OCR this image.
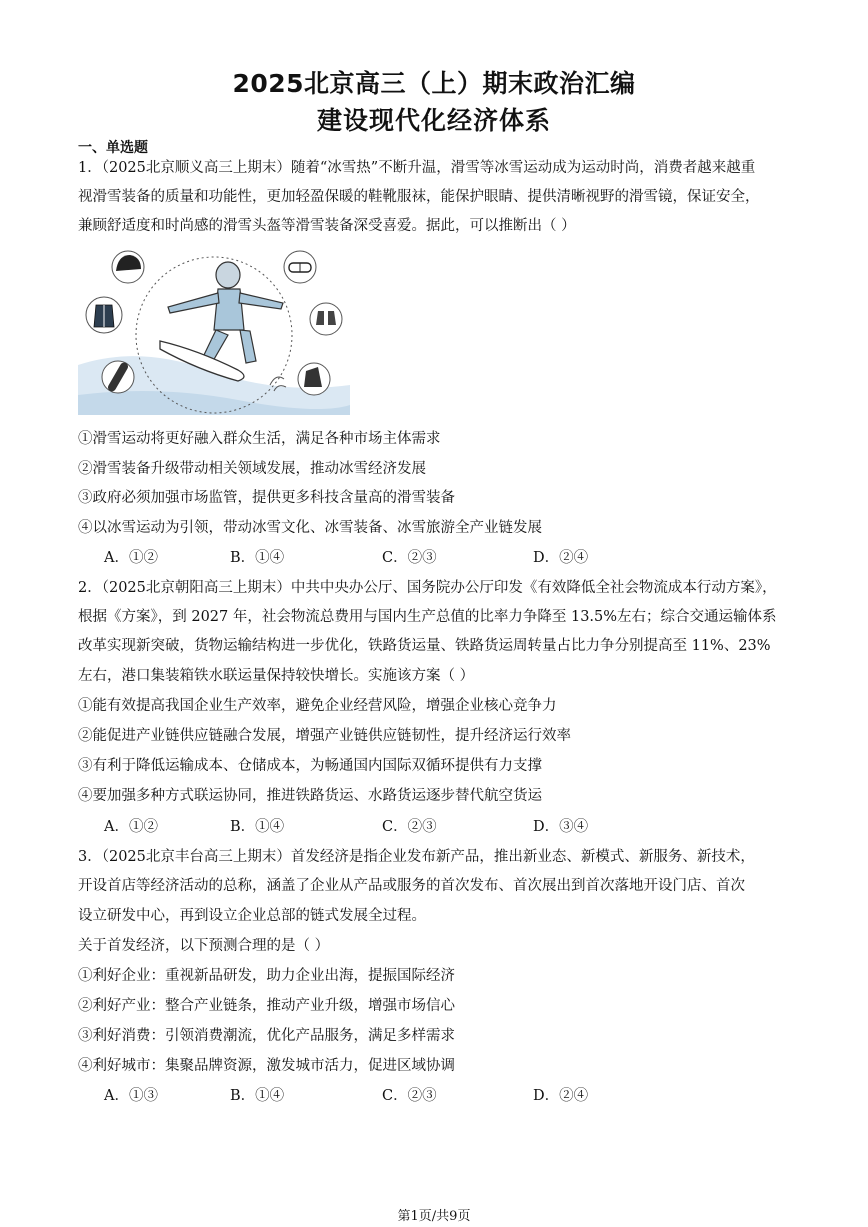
2025北京高三（上）期末政治汇编
建设现代化经济体系
一、单选题
1．（2025北京顺义高三上期末）随着“冰雪热”不断升温，滑雪等冰雪运动成为运动时尚，消费者越来越重
视滑雪装备的质量和功能性，更加轻盈保暖的鞋靴服袜，能保护眼睛、提供清晰视野的滑雪镜，保证安全，
兼顾舒适度和时尚感的滑雪头盔等滑雪装备深受喜爱。据此，可以推断出（ ）
①滑雪运动将更好融入群众生活，满足各种市场主体需求
②滑雪装备升级带动相关领域发展，推动冰雪经济发展
③政府必须加强市场监管，提供更多科技含量高的滑雪装备
④以冰雪运动为引领，带动冰雪文化、冰雪装备、冰雪旅游全产业链发展
A．①②	B．①④	C．②③	D．②④
2．（2025北京朝阳高三上期末）中共中央办公厅、国务院办公厅印发《有效降低全社会物流成本行动方案》，
根据《方案》，到 2027 年，社会物流总费用与国内生产总值的比率力争降至 13.5%左右；综合交通运输体系
改革实现新突破，货物运输结构进一步优化，铁路货运量、铁路货运周转量占比力争分别提高至 11%、23%
左右，港口集装箱铁水联运量保持较快增长。实施该方案（ ）
①能有效提高我国企业生产效率，避免企业经营风险，增强企业核心竞争力
②能促进产业链供应链融合发展，增强产业链供应链韧性，提升经济运行效率
③有利于降低运输成本、仓储成本，为畅通国内国际双循环提供有力支撑
④要加强多种方式联运协同，推进铁路货运、水路货运逐步替代航空货运
A．①②	B．①④	C．②③	D．③④
3．（2025北京丰台高三上期末）首发经济是指企业发布新产品，推出新业态、新模式、新服务、新技术，
开设首店等经济活动的总称，涵盖了企业从产品或服务的首次发布、首次展出到首次落地开设门店、首次
设立研发中心，再到设立企业总部的链式发展全过程。
关于首发经济，以下预测合理的是（ ）
①利好企业：重视新品研发，助力企业出海，提振国际经济
②利好产业：整合产业链条，推动产业升级，增强市场信心
③利好消费：引领消费潮流，优化产品服务，满足多样需求
④利好城市：集聚品牌资源，激发城市活力，促进区域协调
A．①③	B．①④	C．②③	D．②④
第1页/共9页
